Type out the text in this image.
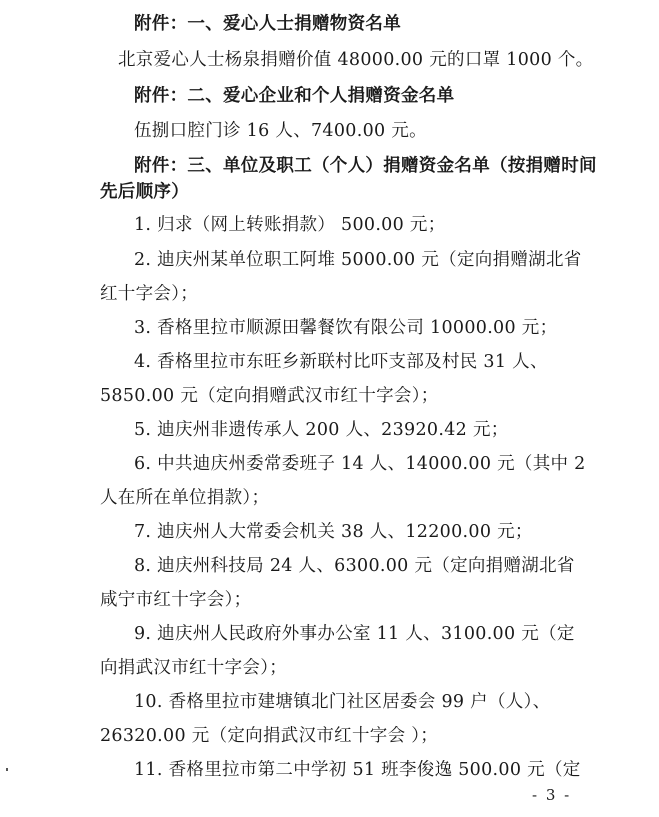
附件：一、爱心人士捐赠物资名单
北京爱心人士杨泉捐赠价值 48000.00 元的口罩 1000 个。
附件：二、爱心企业和个人捐赠资金名单
伍捌口腔门诊 16 人、7400.00 元。
附件：三、单位及职工（个人）捐赠资金名单（按捐赠时间
先后顺序）
1. 归求（网上转账捐款） 500.00 元；
2. 迪庆州某单位职工阿堆 5000.00 元（定向捐赠湖北省
红十字会）；
3. 香格里拉市顺源田馨餐饮有限公司 10000.00 元；
4. 香格里拉市东旺乡新联村比吓支部及村民 31 人、
5850.00 元（定向捐赠武汉市红十字会）；
5. 迪庆州非遗传承人 200 人、23920.42 元；
6. 中共迪庆州委常委班子 14 人、14000.00 元（其中 2
人在所在单位捐款）；
7. 迪庆州人大常委会机关 38 人、12200.00 元；
8. 迪庆州科技局 24 人、6300.00 元（定向捐赠湖北省
咸宁市红十字会）；
9. 迪庆州人民政府外事办公室 11 人、3100.00 元（定
向捐武汉市红十字会）；
10. 香格里拉市建塘镇北门社区居委会 99 户（人）、
26320.00 元（定向捐武汉市红十字会 ）；
11. 香格里拉市第二中学初 51 班李俊逸 500.00 元（定
- 3 -
